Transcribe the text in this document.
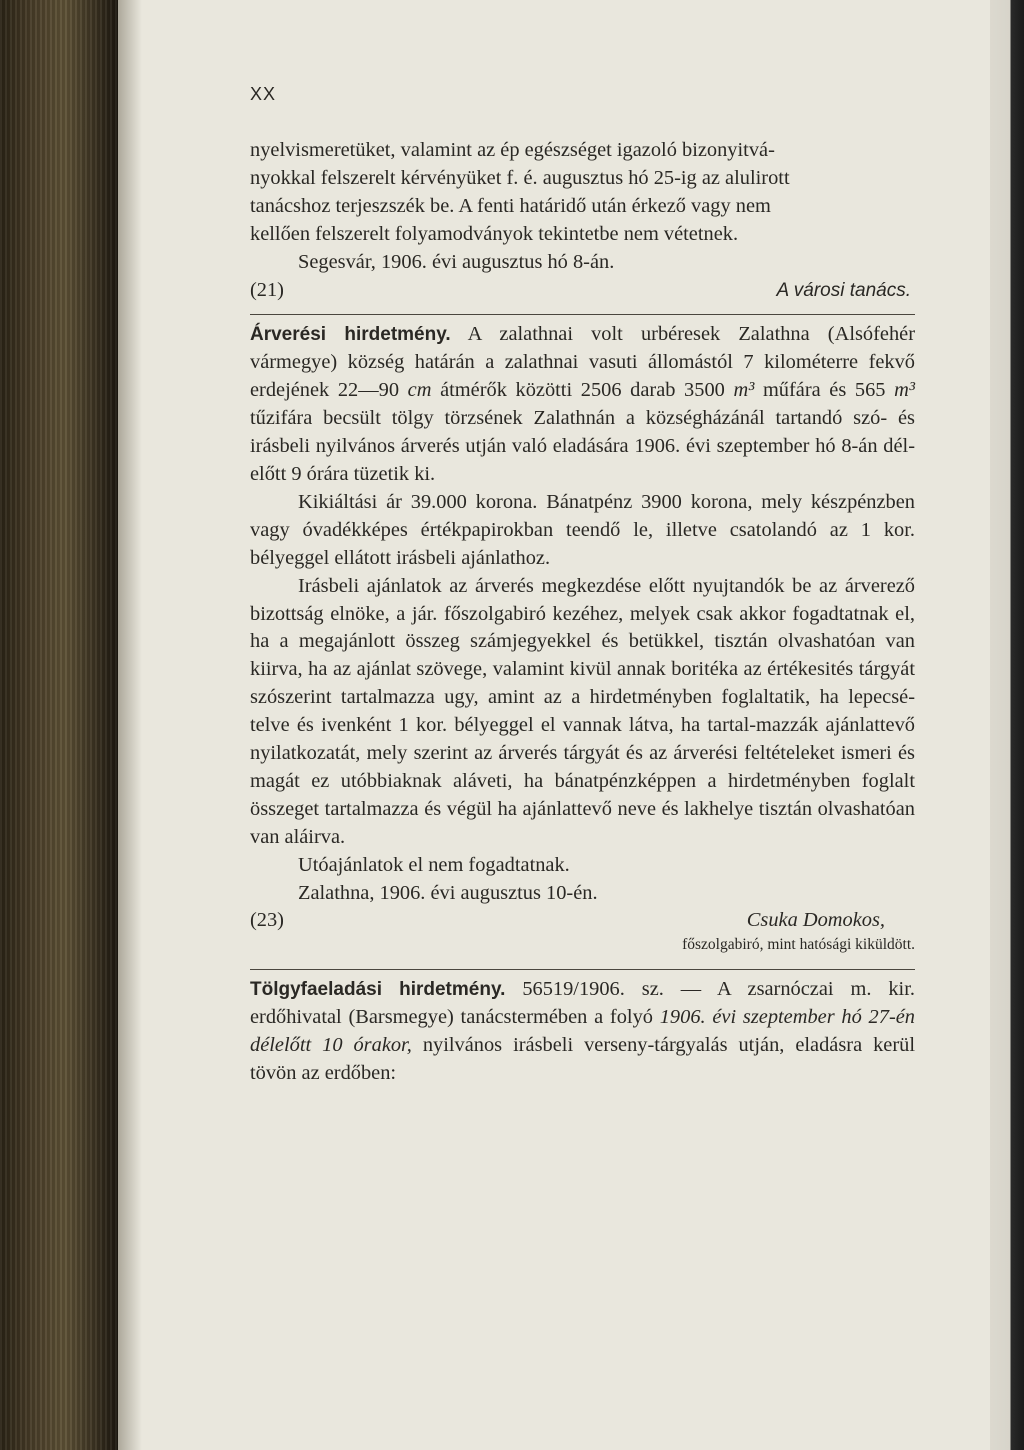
XX

nyelvismeretüket, valamint az ép egészséget igazoló bizonyitvá-

nyokkal felszerelt kérvényüket f. é. augusztus hó 25-ig az alulirott

tanácshoz terjeszszék be. A fenti határidő után érkező vagy nem

kellően felszerelt folyamodványok tekintetbe nem vétetnek.

Segesvár, 1906. évi augusztus hó 8-án.

(21)	A városi tanács.

Árverési hirdetmény. A zalathnai volt urbéresek Zalathna (Alsófehér vármegye) község határán a zalathnai vasuti állomástól 7 kilométerre fekvő erdejének 22—90 cm átmérők közötti 2506 darab 3500 m³ műfára és 565 m³ tűzifára becsült tölgy törzsének Zalathnán a községházánál tartandó szó- és irásbeli nyilvános árverés utján való eladására 1906. évi szeptember hó 8-án dél-előtt 9 órára tüzetik ki.

Kikiáltási ár 39.000 korona. Bánatpénz 3900 korona, mely készpénzben vagy óvadékképes értékpapirokban teendő le, illetve csatolandó az 1 kor. bélyeggel ellátott irásbeli ajánlathoz.

Irásbeli ajánlatok az árverés megkezdése előtt nyujtandók be az árverező bizottság elnöke, a jár. főszolgabiró kezéhez, melyek csak akkor fogadtatnak el, ha a megajánlott összeg számjegyekkel és betükkel, tisztán olvashatóan van kiirva, ha az ajánlat szövege, valamint kivül annak boritéka az értékesités tárgyát szószerint tartalmazza ugy, amint az a hirdetményben foglaltatik, ha lepecsé-telve és ivenként 1 kor. bélyeggel el vannak látva, ha tartal-mazzák ajánlattevő nyilatkozatát, mely szerint az árverés tárgyát és az árverési feltételeket ismeri és magát ez utóbbiaknak aláveti, ha bánatpénzképpen a hirdetményben foglalt összeget tartalmazza és végül ha ajánlattevő neve és lakhelye tisztán olvashatóan van aláirva.

Utóajánlatok el nem fogadtatnak.

Zalathna, 1906. évi augusztus 10-én.

(23)	Csuka Domokos,
főszolgabiró, mint hatósági kiküldött.

Tölgyfaeladási hirdetmény. 56519/1906. sz. — A zsarnóczai m. kir. erdőhivatal (Barsmegye) tanácstermében a folyó 1906. évi szeptember hó 27-én délelőtt 10 órakor, nyilvános irásbeli verseny-tárgyalás utján, eladásra kerül tövön az erdőben:
